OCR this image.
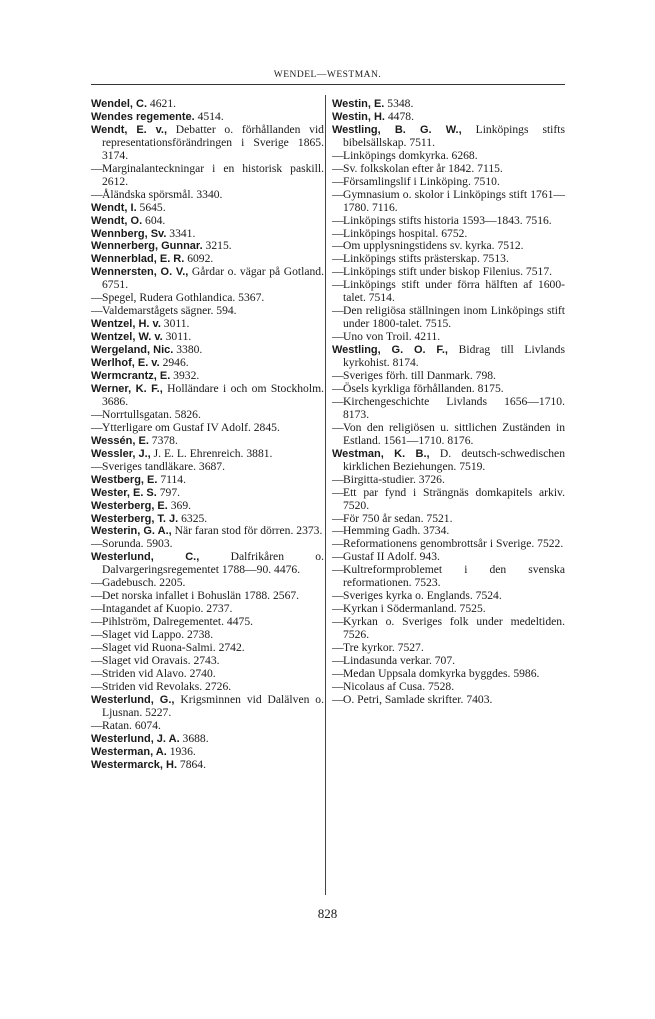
WENDEL—WESTMAN.

Wendel, C. 4621.

Wendes regemente. 4514.

Wendt, E. v., Debatter o. förhållanden vid representationsförändringen i Sverige 1865. 3174.

—Marginalanteckningar i en historisk paskill. 2612.

—Åländska spörsmål. 3340.

Wendt, I. 5645.

Wendt, O. 604.

Wennberg, Sv. 3341.

Wennerberg, Gunnar. 3215.

Wennerblad, E. R. 6092.

Wennersten, O. V., Gårdar o. vägar på Gotland. 6751.

—Spegel, Rudera Gothlandica. 5367.

—Valdemarstågets sägner. 594.

Wentzel, H. v. 3011.

Wentzel, W. v. 3011.

Wergeland, Nic. 3380.

Werlhof, E. v. 2946.

Wermcrantz, E. 3932.

Werner, K. F., Holländare i och om Stockholm. 3686.

—Norrtullsgatan. 5826.

—Ytterligare om Gustaf IV Adolf. 2845.

Wessén, E. 7378.

Wessler, J., J. E. L. Ehrenreich. 3881.

—Sveriges tandläkare. 3687.

Westberg, E. 7114.

Wester, E. S. 797.

Westerberg, E. 369.

Westerberg, T. J. 6325.

Westerin, G. A., När faran stod för dörren. 2373.

—Sorunda. 5903.

Westerlund, C., Dalfrikåren o. Dalvargeringsregementet 1788—90. 4476.

—Gadebusch. 2205.

—Det norska infallet i Bohuslän 1788. 2567.

—Intagandet af Kuopio. 2737.

—Pihlström, Dalregementet. 4475.

—Slaget vid Lappo. 2738.

—Slaget vid Ruona-Salmi. 2742.

—Slaget vid Oravais. 2743.

—Striden vid Alavo. 2740.

—Striden vid Revolaks. 2726.

Westerlund, G., Krigsminnen vid Dalälven o. Ljusnan. 5227.

—Ratan. 6074.

Westerlund, J. A. 3688.

Westerman, A. 1936.

Westermarck, H. 7864.

Westin, E. 5348.

Westin, H. 4478.

Westling, B. G. W., Linköpings stifts bibelsällskap. 7511.

—Linköpings domkyrka. 6268.

—Sv. folkskolan efter år 1842. 7115.

—Församlingslif i Linköping. 7510.

—Gymnasium o. skolor i Linköpings stift 1761—1780. 7116.

—Linköpings stifts historia 1593—1843. 7516.

—Linköpings hospital. 6752.

—Om upplysningstidens sv. kyrka. 7512.

—Linköpings stifts prästerskap. 7513.

—Linköpings stift under biskop Filenius. 7517.

—Linköpings stift under förra hälften af 1600-talet. 7514.

—Den religiösa ställningen inom Linköpings stift under 1800-talet. 7515.

—Uno von Troil. 4211.

Westling, G. O. F., Bidrag till Livlands kyrkohist. 8174.

—Sveriges förh. till Danmark. 798.

—Ösels kyrkliga förhållanden. 8175.

—Kirchengeschichte Livlands 1656—1710. 8173.

—Von den religiösen u. sittlichen Zuständen in Estland. 1561—1710. 8176.

Westman, K. B., D. deutsch-schwedischen kirklichen Beziehungen. 7519.

—Birgitta-studier. 3726.

—Ett par fynd i Strängnäs domkapitels arkiv. 7520.

—För 750 år sedan. 7521.

—Hemming Gadh. 3734.

—Reformationens genombrottsår i Sverige. 7522.

—Gustaf II Adolf. 943.

—Kultreformproblemet i den svenska reformationen. 7523.

—Sveriges kyrka o. Englands. 7524.

—Kyrkan i Södermanland. 7525.

—Kyrkan o. Sveriges folk under medeltiden. 7526.

—Tre kyrkor. 7527.

—Lindasunda verkar. 707.

—Medan Uppsala domkyrka byggdes. 5986.

—Nicolaus af Cusa. 7528.

—O. Petri, Samlade skrifter. 7403.

828
